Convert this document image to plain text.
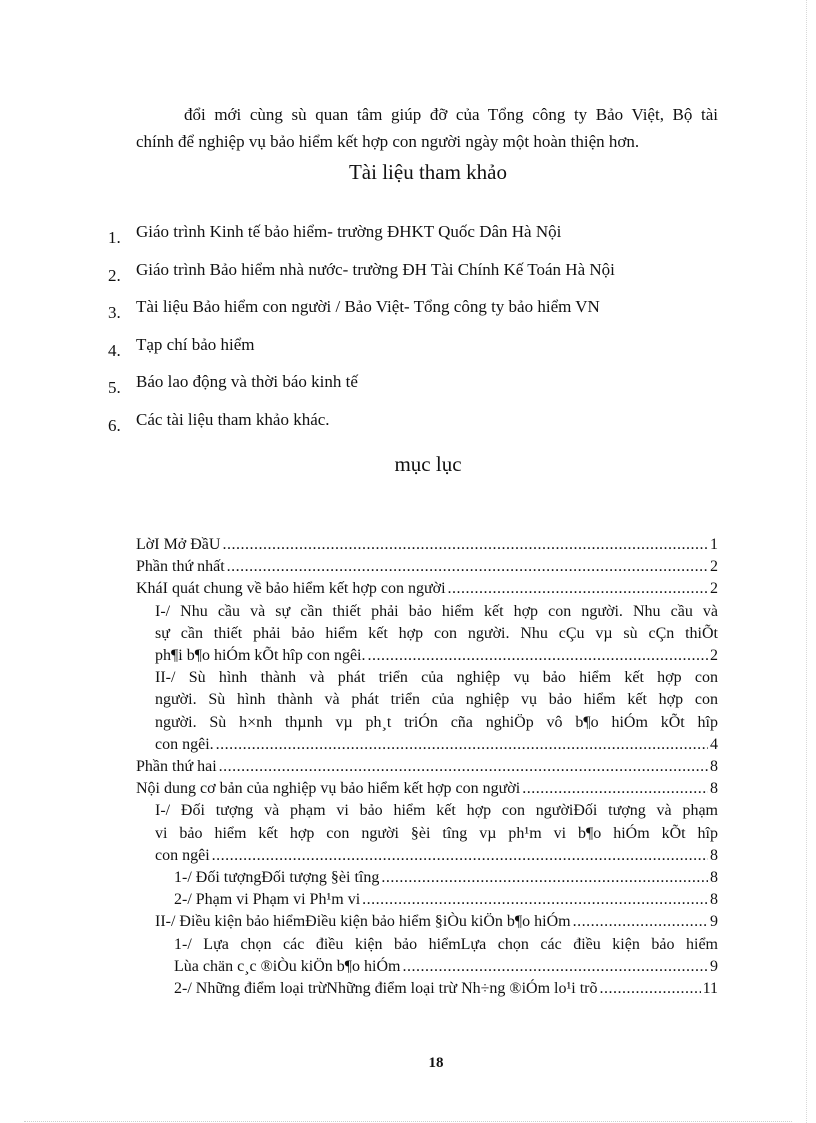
đổi mới cùng sù quan tâm giúp đỡ của Tổng công ty Bảo Việt, Bộ tài
chính để nghiệp vụ bảo hiểm kết hợp con người ngày một hoàn thiện hơn.
Tài liệu tham khảo
1. Giáo trình Kinh tế bảo hiểm- trường ĐHKT Quốc Dân Hà Nội
2. Giáo trình Bảo hiểm nhà nước- trường ĐH Tài Chính Kế Toán Hà Nội
3. Tài liệu Bảo hiểm con người / Bảo Việt- Tổng công ty bảo hiểm VN
4. Tạp chí bảo hiểm
5. Báo lao động và thời báo kinh tế
6. Các tài liệu tham khảo khác.
mục lục
LờI Mở ĐầU .....	1
Phần thứ nhất .....	2
KháI quát chung về bảo hiểm kết hợp con người .....	2
I-/ Nhu cầu và sự cần thiết phải bảo hiểm kết hợp con người. Nhu cầu và
sự cần thiết phải bảo hiểm kết hợp con người. Nhu cÇu vµ sù cÇn thiÕt
ph¶i b¶o hiÓm kÕt hîp con ngêi. .....	2
II-/ Sù hình thành và phát triển của nghiệp vụ bảo hiểm kết hợp con
người. Sù hình thành và phát triển của nghiệp vụ bảo hiểm kết hợp con
người. Sù h×nh thµnh vµ ph¸t triÓn cña nghiÖp vô b¶o hiÓm kÕt hîp
con ngêi. .....	4
Phần thứ hai .....	8
Nội dung cơ bản của nghiệp vụ bảo hiểm kết hợp con người .....	8
I-/ Đối tượng và phạm vi bảo hiểm kết hợp con ngườiĐối tượng và phạm
vi bảo hiểm kết hợp con người §èi tîng vµ ph¹m vi b¶o hiÓm kÕt hîp
con ngêi .....	8
1-/ Đối tượngĐối tượng §èi tîng .....	8
2-/ Phạm vi Phạm vi Ph¹m vi .....	8
II-/ Điều kiện bảo hiểmĐiều kiện bảo hiểm §iÒu kiÖn b¶o hiÓm .....	9
1-/ Lựa chọn các điều kiện bảo hiểmLựa chọn các điều kiện bảo hiểm
Lùa chän c¸c ®iÒu kiÖn b¶o hiÓm .....	9
2-/ Những điểm loại trừNhững điểm loại trừ Nh÷ng ®iÓm lo¹i trõ .....	11
18
